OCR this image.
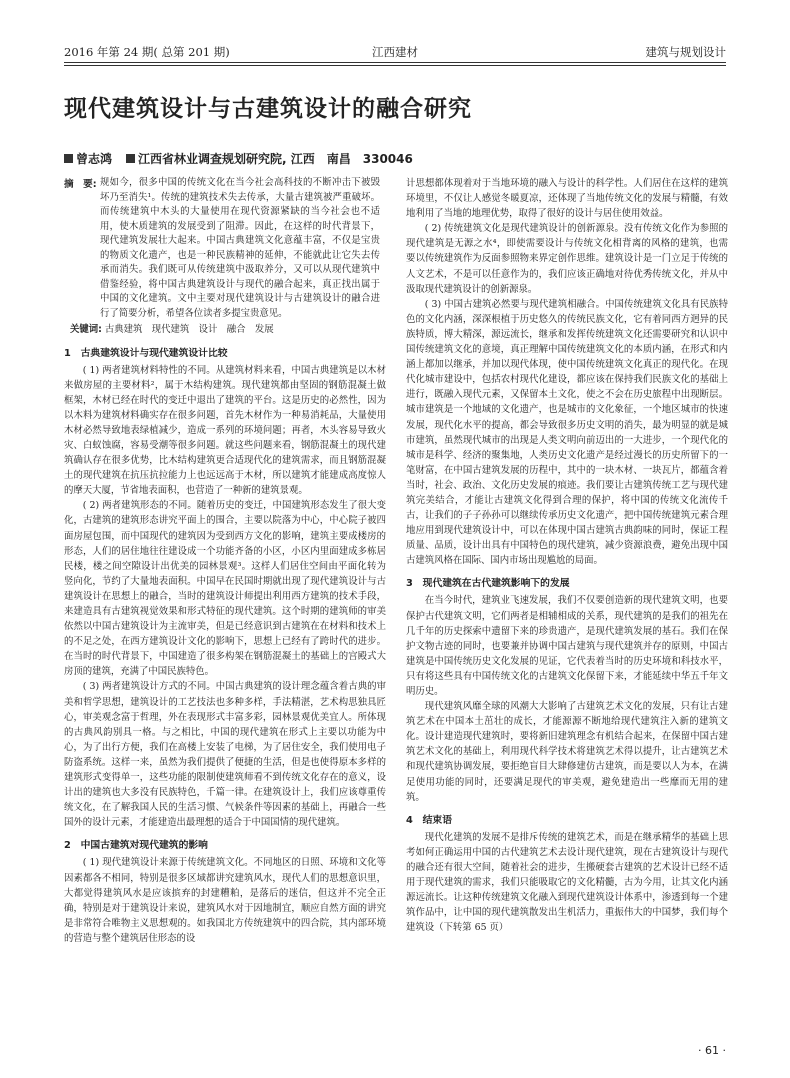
2016 年第 24 期( 总第 201 期)	江西建材	建筑与规划设计
现代建筑设计与古建筑设计的融合研究
曾志鸿 江西省林业调查规划研究院, 江西　南昌　330046
摘　要: 规如今，很多中国的传统文化在当今社会高科技的不断冲击下被毁坏乃至消失¹。传统的建筑技术失去传承，大量古建筑被严重破坏。而传统建筑中木头的大量使用在现代资源紧缺的当今社会也不适用，使木质建筑的发展受到了阻滞。因此，在这样的时代背景下，现代建筑发展壮大起来。中国古典建筑文化意蕴丰富，不仅是宝贵的物质文化遗产，也是一种民族精神的延伸，不能就此让它失去传承而消失。我们既可从传统建筑中汲取养分，又可以从现代建筑中借鉴经验，将中国古典建筑设计与现代的融合起来，真正找出属于中国的文化建筑。文中主要对现代建筑设计与古建筑设计的融合进行了简要分析，希望各位读者多提宝贵意见。

关键词: 古典建筑　现代建筑　设计　融合　发展
1　古典建筑设计与现代建筑设计比较

( 1) 两者建筑材料特性的不同。从建筑材料来看，中国古典建筑是以木材来做房屋的主要材料²，属于木结构建筑。现代建筑都由坚固的钢筋混凝土做框架，木材已经在时代的变迁中退出了建筑的平台。这是历史的必然性，因为以木料为建筑材料确实存在很多问题，首先木材作为一种易消耗品，大量使用木材必然导致地表绿植减少，造成一系列的环境问题；再者，木头容易导致火灾、白蚁蚀腐，容易受潮等很多问题。就这些问题来看，钢筋混凝土的现代建筑确认存在很多优势，比木结构建筑更合适现代化的建筑需求，而且钢筋混凝土的现代建筑在抗压抗拉能力上也远远高于木材，所以建筑才能建成高度惊人的摩天大厦，节省地表面积，也营造了一种新的建筑景观。

( 2) 两者建筑形态的不同。随着历史的变迁，中国建筑形态发生了很大变化，古建筑的建筑形态讲究平面上的围合，主要以院落为中心，中心院子被四面房屋包围，而中国现代的建筑因为受到西方文化的影响，建筑主要成楼房的形态，人们的居住地往往建设成一个功能齐备的小区，小区内里面建成多栋居民楼，楼之间空隙设计出优美的园林景观³。这样人们居住空间由平面化转为竖向化，节约了大量地表面积。中国早在民国时期就出现了现代建筑设计与古建筑设计在思想上的融合，当时的建筑设计师提出利用西方建筑的技术手段，来建造具有古建筑视觉效果和形式特征的现代建筑。这个时期的建筑师的审美依然以中国古建筑设计为主流审美，但是已经意识到古建筑在在材料和技术上的不足之处，在西方建筑设计文化的影响下，思想上已经有了跨时代的进步。在当时的时代背景下，中国建造了很多构架在钢筋混凝土的基础上的宫殿式大房顶的建筑，充满了中国民族特色。

( 3) 两者建筑设计方式的不同。中国古典建筑的设计理念蕴含着古典的审美和哲学思想，建筑设计的工艺技法也多种多样，手法精湛，艺术构思独具匠心，审美观念富于哲理，外在表现形式丰富多彩，园林景观优美宜人。所体现的古典风韵别具一格。与之相比，中国的现代建筑在形式上主要以功能为中心，为了出行方便，我们在高楼上安装了电梯，为了居住安全，我们使用电子防盗系统。这样一来，虽然为我们提供了便捷的生活，但是也使得原本多样的建筑形式变得单一，这些功能的限制使建筑师看不到传统文化存在的意义，设计出的建筑也大多没有民族特色，千篇一律。在建筑设计上，我们应该尊重传统文化，在了解我国人民的生活习惯、气候条件等因素的基础上，再融合一些国外的设计元素，才能建造出最理想的适合于中国国情的现代建筑。

2　中国古建筑对现代建筑的影响

( 1) 现代建筑设计来源于传统建筑文化。不同地区的日照、环境和文化等因素都各不相同，特别是很多区域都讲究建筑风水，现代人们的思想意识里，大都觉得建筑风水是应该摈弃的封建糟粕，是落后的迷信，但这并不完全正确，特别是对于建筑设计来说，建筑风水对于因地制宜，顺应自然方面的讲究是非常符合唯物主义思想观的。如我国北方传统建筑中的四合院，其内部环境的营造与整个建筑居住形态的设

计思想都体现着对于当地环境的融入与设计的科学性。人们居住在这样的建筑环境里，不仅让人感觉冬暖夏凉，还体现了当地传统文化的发展与精髓，有效地利用了当地的地理优势，取得了很好的设计与居住使用效益。

( 2) 传统建筑文化是现代建筑设计的创新源泉。没有传统文化作为参照的现代建筑是无源之水⁴，即使需要设计与传统文化相背离的风格的建筑，也需要以传统建筑作为反面参照物来界定创作思维。建筑设计是一门立足于传统的人文艺术，不是可以任意作为的，我们应该正确地对待优秀传统文化，并从中汲取现代建筑设计的创新源泉。

( 3) 中国古建筑必然要与现代建筑相融合。中国传统建筑文化具有民族特色的文化内涵，深深根植于历史悠久的传统民族文化，它有着同西方迥异的民族特质，博大精深，源远流长，继承和发挥传统建筑文化还需要研究和认识中国传统建筑文化的意境，真正理解中国传统建筑文化的本质内涵，在形式和内涵上都加以继承，并加以现代体现，使中国传统建筑文化真正的现代化。在现代化城市建设中，包括农村现代化建设，都应该在保持我们民族文化的基础上进行，既融入现代元素，又保留本土文化，使之不会在历史旅程中出现断层。城市建筑是一个地域的文化遗产，也是城市的文化象征，一个地区城市的快速发展，现代化水平的提高，都会导致很多历史文明的消失，最为明显的就是城市建筑，虽然现代城市的出现是人类文明向前迈出的一大进步，一个现代化的城市是科学、经济的聚集地，人类历史文化遗产是经过漫长的历史所留下的一笔财富，在中国古建筑发展的历程中，其中的一块木材、一块瓦片，都蕴含着当时，社会、政治、文化历史发展的痕迹。我们要让古建筑传统工艺与现代建筑完美结合，才能让古建筑文化得到合理的保护，将中国的传统文化流传千古，让我们的子子孙孙可以继续传承历史文化遗产，把中国传统建筑元素合理地应用到现代建筑设计中，可以在体现中国古建筑古典韵味的同时，保证工程质量、品质，设计出具有中国特色的现代建筑，减少资源浪费，避免出现中国古建筑风格在国际、国内市场出现尴尬的局面。

3　现代建筑在古代建筑影响下的发展

在当今时代，建筑业飞速发展，我们不仅要创造新的现代建筑文明，也要保护古代建筑文明，它们两者是相辅相成的关系，现代建筑的是我们的祖先在几千年的历史探索中遗留下来的珍贵遗产，是现代建筑发展的基石。我们在保护文物古迹的同时，也要兼并协调中国古建筑与现代建筑并存的原则，中国古建筑是中国传统历史文化发展的见证，它代表着当时的历史环境和科技水平，只有将这些具有中国传统文化的古建筑文化保留下来，才能延续中华五千年文明历史。

现代建筑风靡全球的风潮大大影响了古建筑艺术文化的发展，只有让古建筑艺术在中国本土茁壮的成长，才能源源不断地给现代建筑注入新的建筑文化。设计建造现代建筑时，要将新旧建筑理念有机结合起来，在保留中国古建筑艺术文化的基础上，利用现代科学技术将建筑艺术得以提升，让古建筑艺术和现代建筑协调发展，要拒绝盲目大肆修建仿古建筑，而是要以人为本，在满足使用功能的同时，还要满足现代的审美观，避免建造出一些靡而无用的建筑。

4　结束语

现代化建筑的发展不是排斥传统的建筑艺术，而是在继承精华的基础上思考如何正确运用中国的古代建筑艺术去设计现代建筑，现在古建筑设计与现代的融合还有很大空间，随着社会的进步，生搬硬套古建筑的艺术设计已经不适用于现代建筑的需求，我们只能吸取它的文化精髓，古为今用，让其文化内涵源远流长。让这种传统建筑文化融入到现代建筑设计体系中，渗透到每一个建筑作品中，让中国的现代建筑散发出生机活力，重振伟大的中国梦，我们每个建筑设（下转第 65 页）

· 61 ·
